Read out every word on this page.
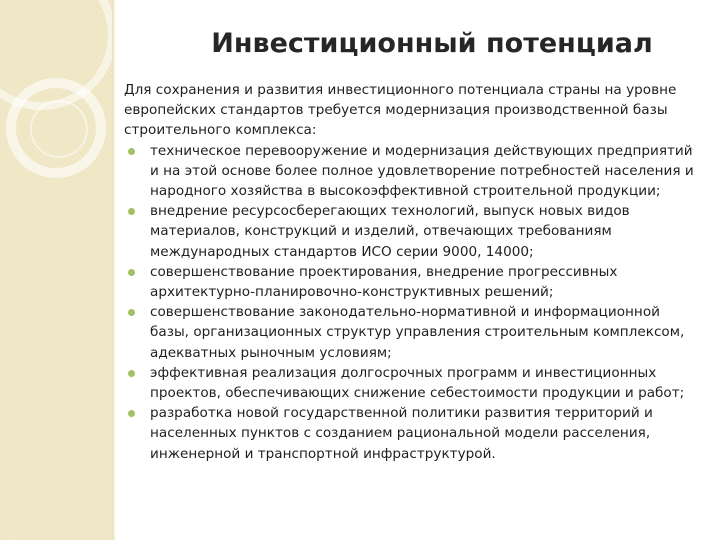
Инвестиционный потенциал

Для сохранения и развития инвестиционного потенциала страны на уровне европейских стандартов требуется модернизация производственной базы строительного комплекса:

техническое перевооружение и модернизация действующих предприятий и на этой основе более полное удовлетворение потребностей населения и народного хозяйства в высокоэффективной строительной продукции;
внедрение ресурсосберегающих технологий, выпуск новых видов материалов, конструкций и изделий, отвечающих требованиям международных стандартов ИСО серии 9000, 14000;
совершенствование проектирования, внедрение прогрессивных архитектурно-планировочно-конструктивных решений;
совершенствование законодательно-нормативной и информационной базы, организационных структур управления строительным комплексом, адекватных рыночным условиям;
эффективная реализация долгосрочных программ и инвестиционных проектов, обеспечивающих снижение себестоимости продукции и работ;
разработка новой государственной политики развития территорий и населенных пунктов с созданием рациональной модели расселения, инженерной и транспортной инфраструктурой.
